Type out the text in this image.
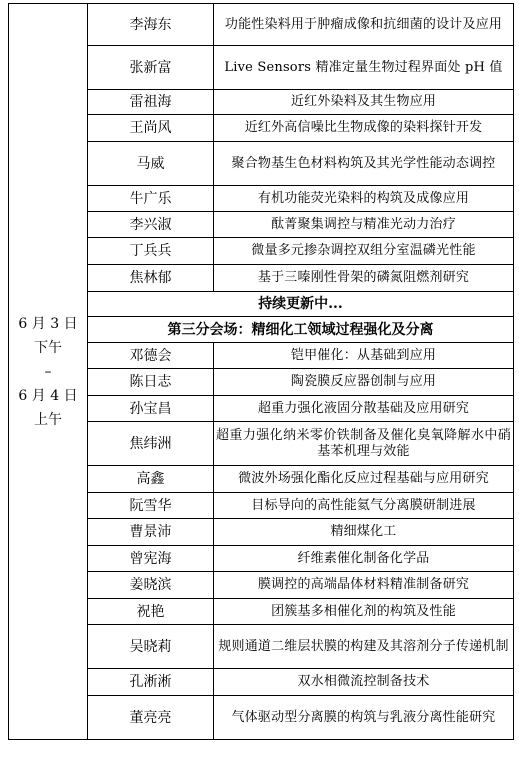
6 月 3 日
下午
–
6 月 4 日
上午	李海东	功能性染料用于肿瘤成像和抗细菌的设计及应用
	张新富	Live Sensors 精准定量生物过程界面处 pH 值
	雷祖海	近红外染料及其生物应用
	王尚风	近红外高信噪比生物成像的染料探针开发
	马威	聚合物基生色材料构筑及其光学性能动态调控
	牛广乐	有机功能荧光染料的构筑及成像应用
	李兴淑	酞菁聚集调控与精准光动力治疗
	丁兵兵	微量多元掺杂调控双组分室温磷光性能
	焦林郁	基于三嗪刚性骨架的磷氮阻燃剂研究
	持续更新中...	
	第三分会场：精细化工领域过程强化及分离	
	邓德会	铠甲催化：从基础到应用
	陈日志	陶瓷膜反应器创制与应用
	孙宝昌	超重力强化液固分散基础及应用研究
	焦纬洲	超重力强化纳米零价铁制备及催化臭氧降解水中硝基苯机理与效能
	高鑫	微波外场强化酯化反应过程基础与应用研究
	阮雪华	目标导向的高性能氦气分离膜研制进展
	曹景沛	精细煤化工
	曾宪海	纤维素催化制备化学品
	姜晓滨	膜调控的高端晶体材料精准制备研究
	祝艳	团簇基多相催化剂的构筑及性能
	吴晓莉	规则通道二维层状膜的构建及其溶剂分子传递机制
	孔淅淅	双水相微流控制备技术
	董亮亮	气体驱动型分离膜的构筑与乳液分离性能研究
